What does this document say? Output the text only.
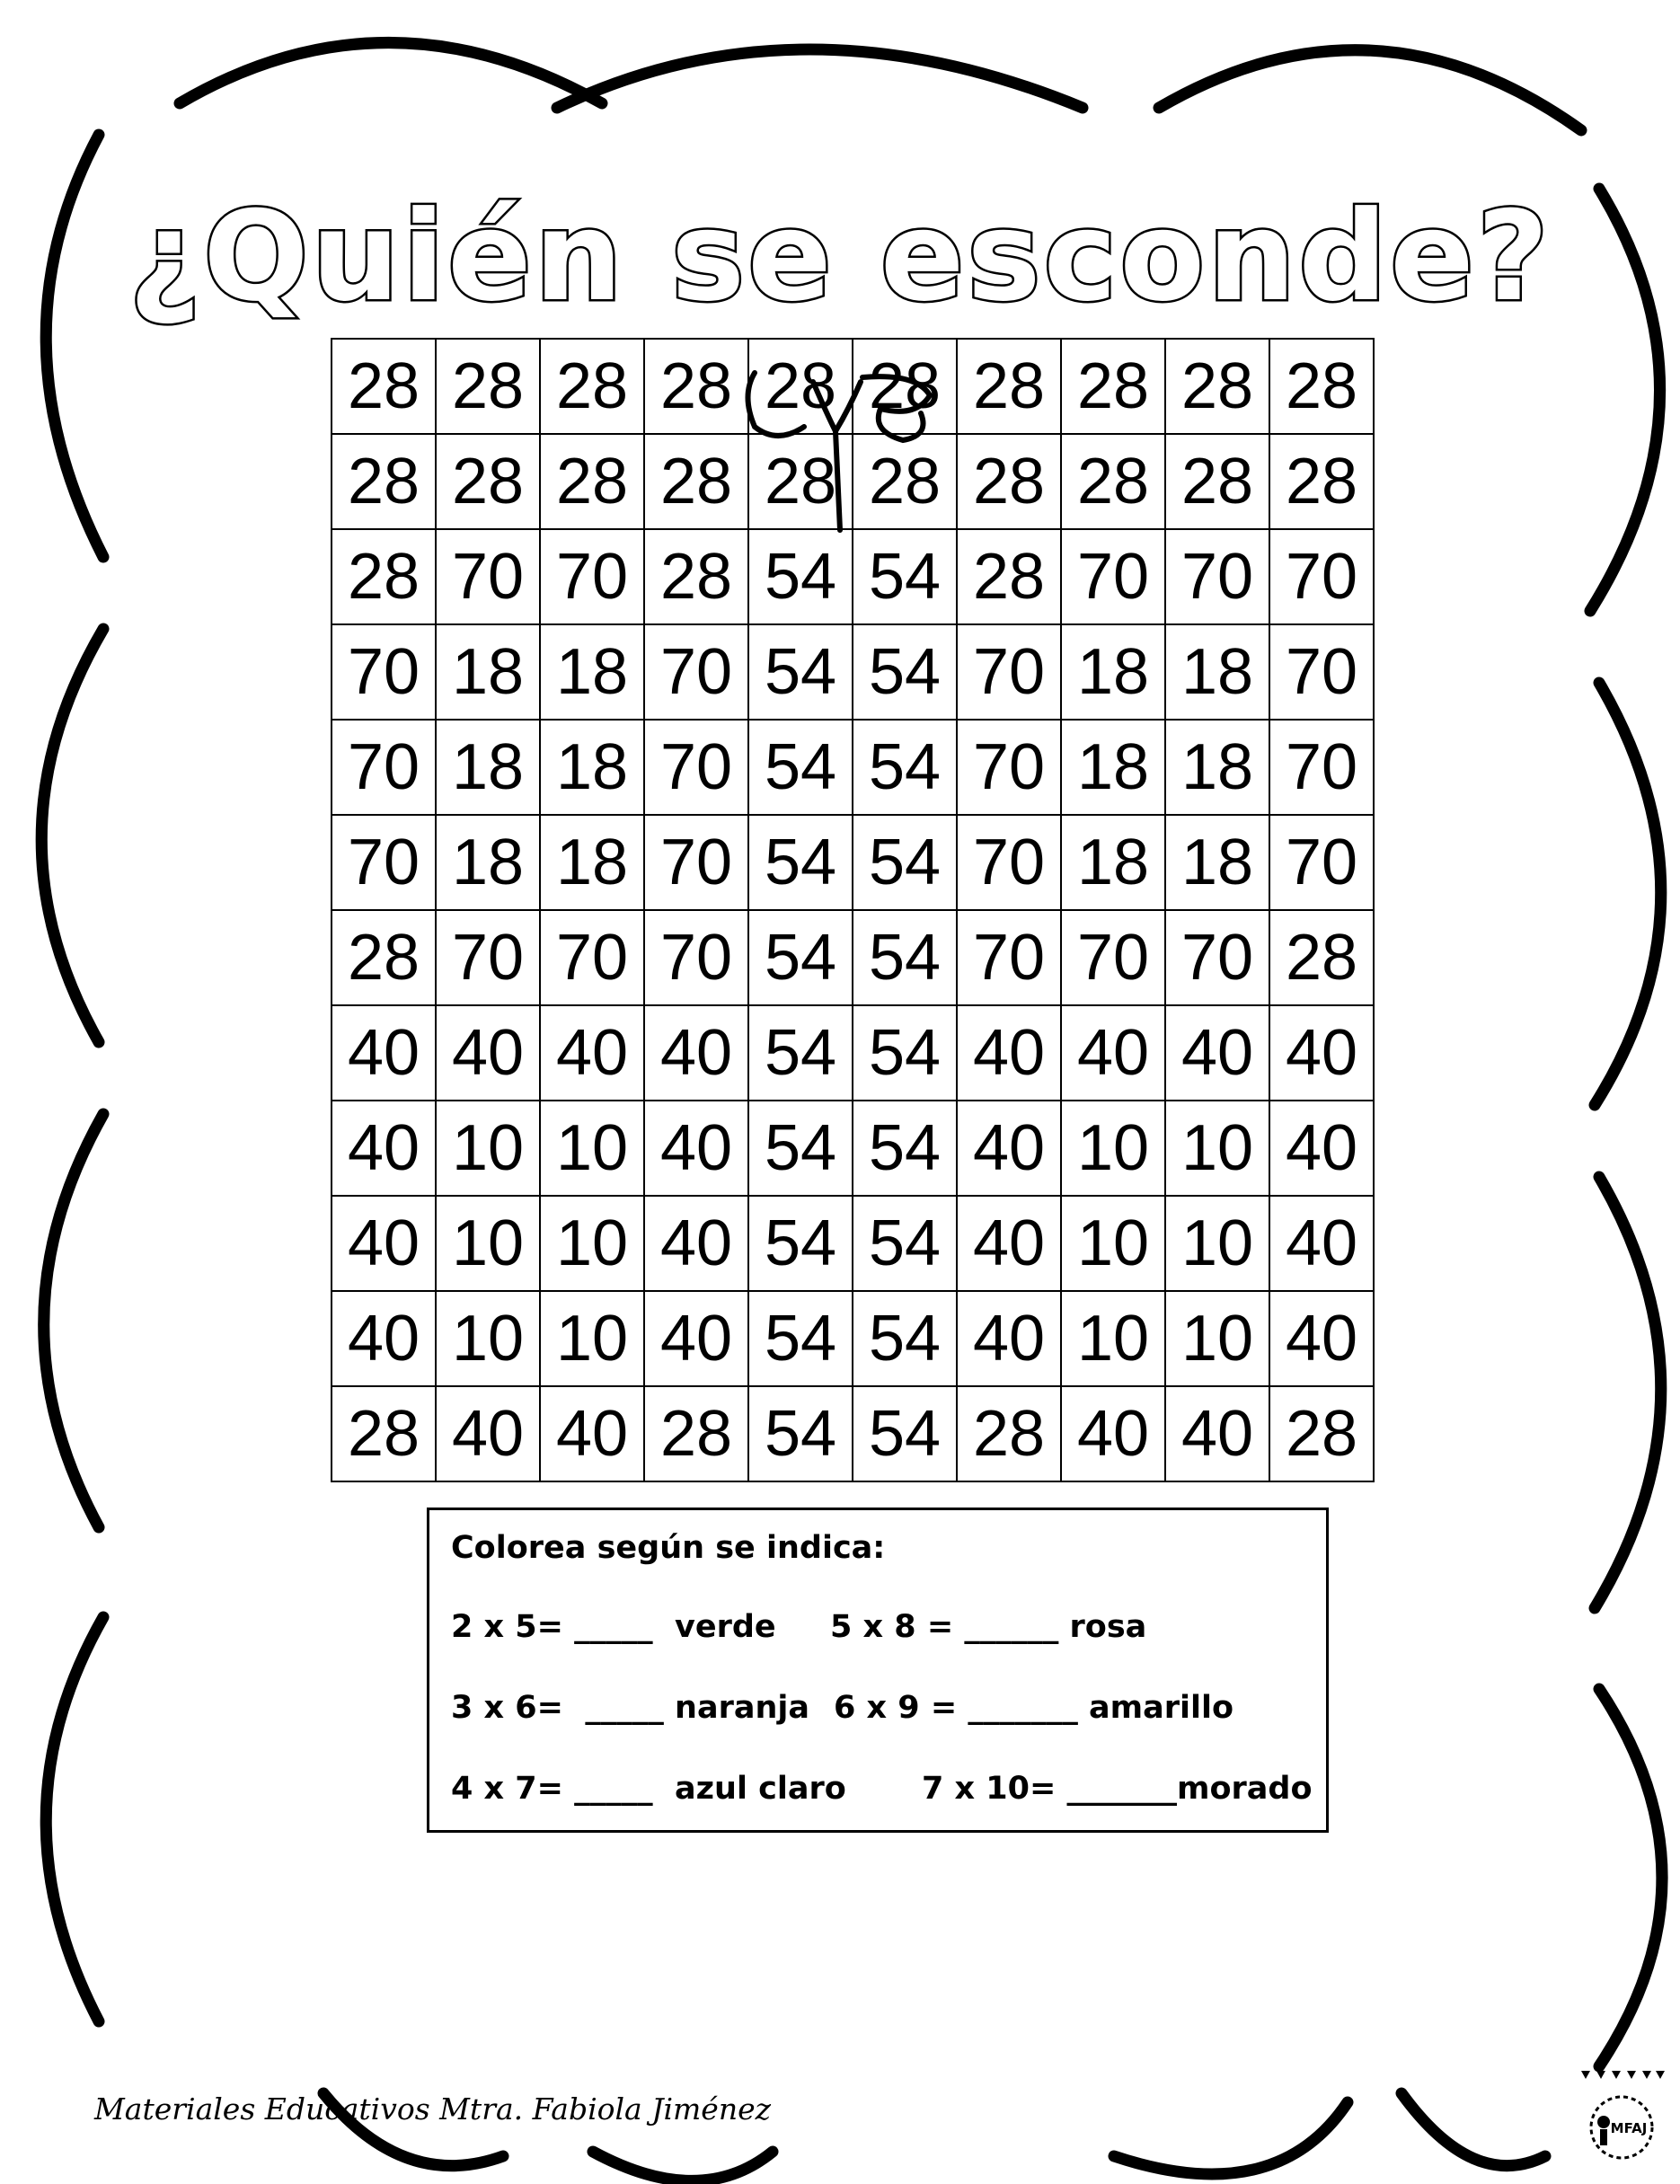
¿Quién se esconde?
28	28	28	28	28	28	28	28	28	28
28	28	28	28	28	28	28	28	28	28
28	70	70	28	54	54	28	70	70	70
70	18	18	70	54	54	70	18	18	70
70	18	18	70	54	54	70	18	18	70
70	18	18	70	54	54	70	18	18	70
28	70	70	70	54	54	70	70	70	28
40	40	40	40	54	54	40	40	40	40
40	10	10	40	54	54	40	10	10	40
40	10	10	40	54	54	40	10	10	40
40	10	10	40	54	54	40	10	10	40
28	40	40	28	54	54	28	40	40	28
Colorea según se indica:
2 x 5= _____  verde 5 x 8 = ______ rosa
3 x 6=  _____ naranja 6 x 9 = _______ amarillo
4 x 7= _____  azul claro 7 x 10= _______morado
Materiales Educativos Mtra. Fabiola Jiménez
MFAJ
